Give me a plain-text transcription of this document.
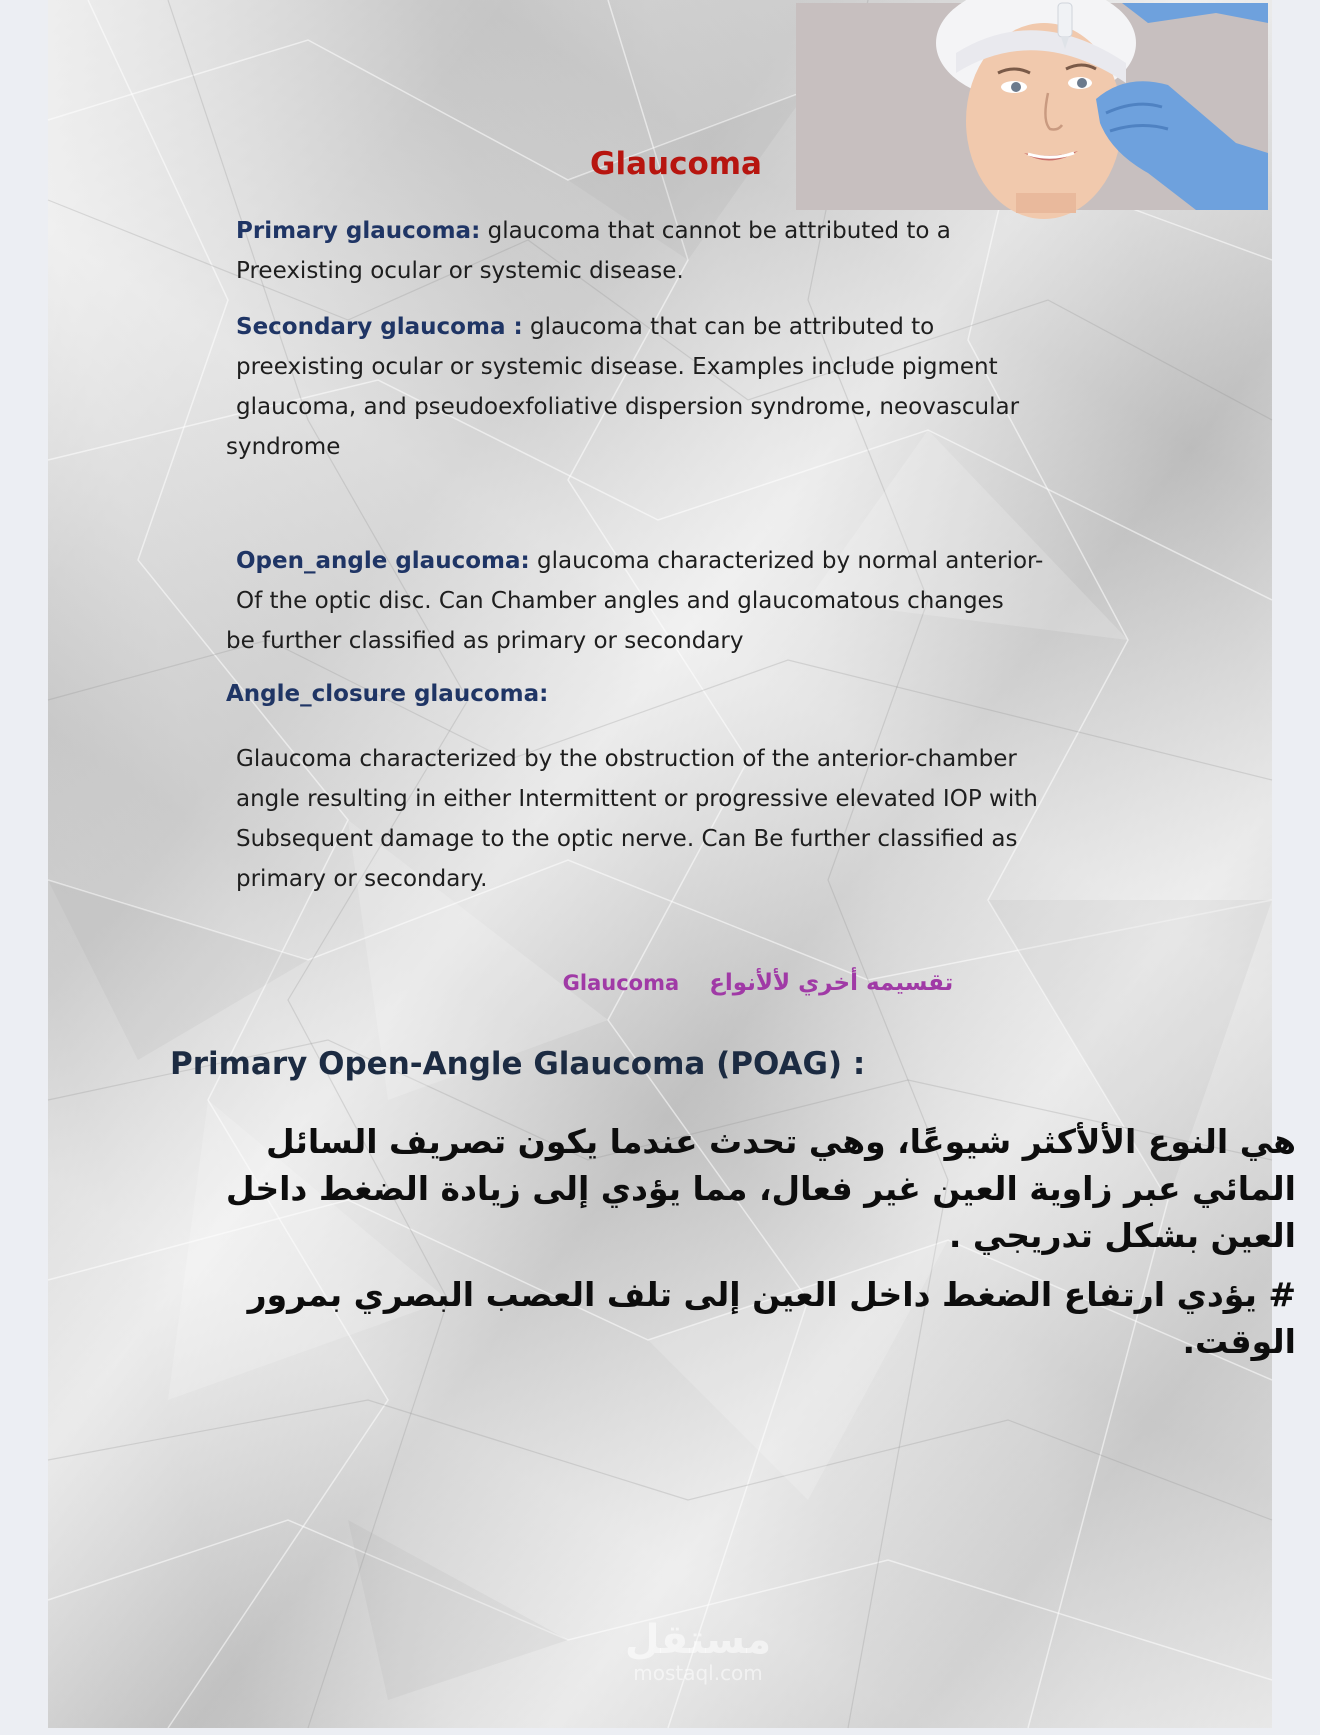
Glaucoma
Primary glaucoma: glaucoma that cannot be attributed to a
Preexisting ocular or systemic disease.
Secondary glaucoma : glaucoma that can be attributed to
preexisting ocular or systemic disease. Examples include pigment
glaucoma, and pseudoexfoliative dispersion syndrome, neovascular
syndrome
Open_angle glaucoma: glaucoma characterized by normal anterior-
Of the optic disc. Can Chamber angles and glaucomatous changes
be further classified as primary or secondary
Angle_closure glaucoma:
Glaucoma characterized by the obstruction of the anterior-chamber
angle resulting in either Intermittent or progressive elevated IOP with
Subsequent damage to the optic nerve. Can Be further classified as
primary or secondary.
Glaucoma تقسيمه أخري لألأنواع
Primary Open-Angle Glaucoma (POAG) :

هي النوع الألأكثر شيوعًًا، وهي تحدث عندما يكون تصريف السائل المائي عبر زاوية العين غير فعال، مما يؤدي إلى زيادة الضغط داخل العين بشكل تدريجي .

# يؤدي ارتفاع الضغط داخل العين إلى تلف العصب البصري بمرور الوقت.

مستقل
mostaql.com
